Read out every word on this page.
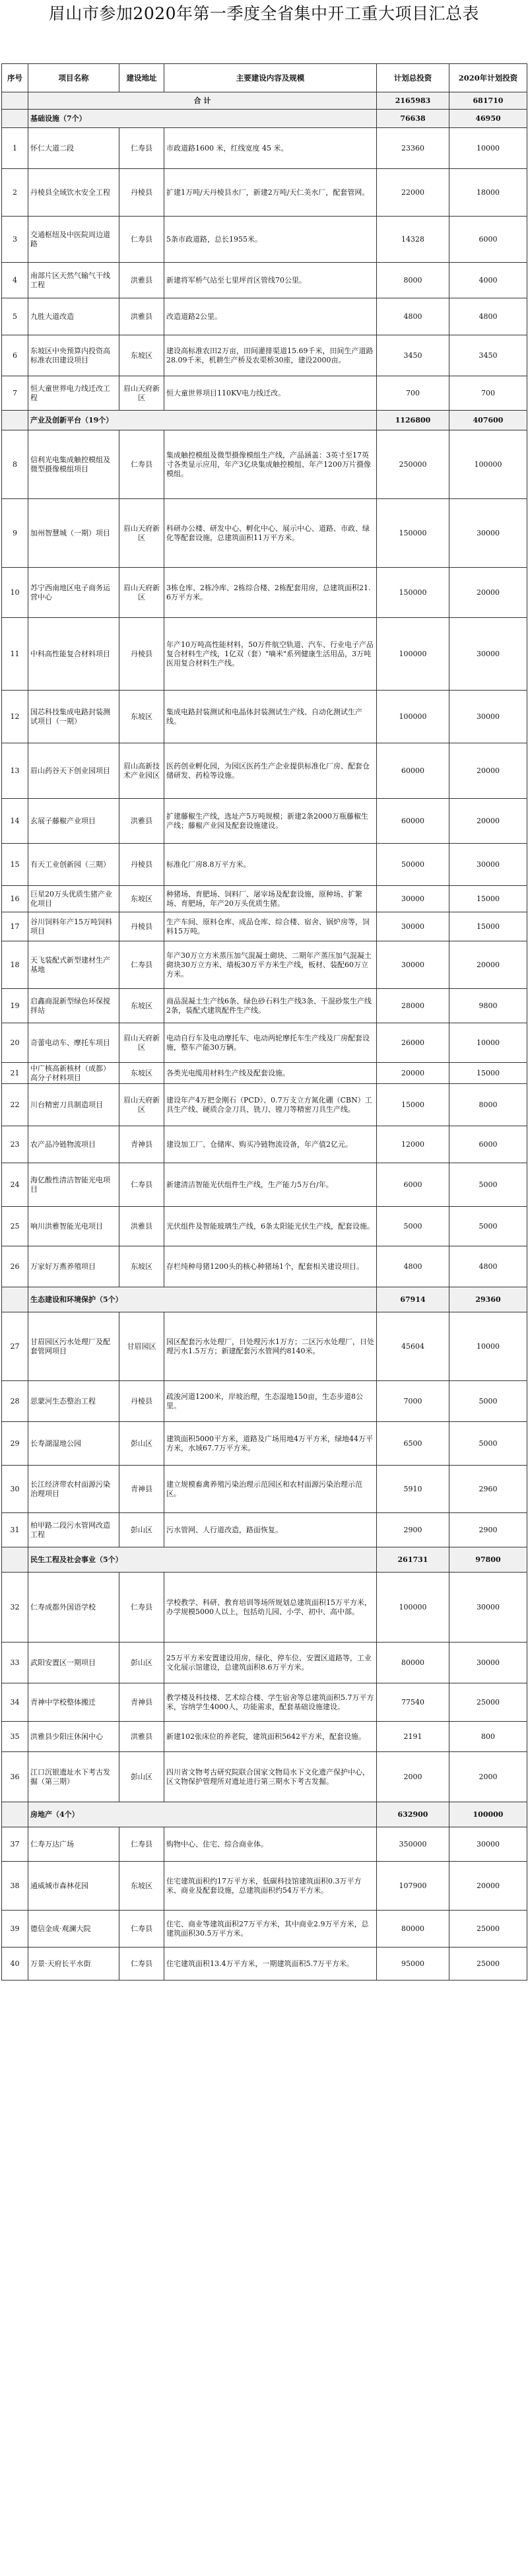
眉山市参加2020年第一季度全省集中开工重大项目汇总表
序号	项目名称	建设地址	主要建设内容及规模	计划总投资	2020年计划投资
	合 计			2165983	681710
	基础设施（7个）			76638	46950
1	怀仁大道二段	仁寿县	市政道路1600 米，红线宽度 45 米。	23360	10000
2	丹棱县全域饮水安全工程	丹棱县	扩建1万吨/天丹棱县水厂，新建2万吨/天仁美水厂，配套管网。	22000	18000
3	交通枢纽及中医院周边道路	仁寿县	5条市政道路，总长1955米。	14328	6000
4	南部片区天然气输气干线工程	洪雅县	新建将军桥气站至七里坪首区管线70公里。	8000	4000
5	九胜大道改造	洪雅县	改造道路2公里。	4800	4800
6	东坡区中央预算内投资高标准农田建设项目	东坡区	建设高标准农田2万亩，田间灌排渠道15.69千米，田间生产道路28.09千米，机耕生产桥及农渠桥30座，建设2000亩。	3450	3450
7	恒大童世界电力线迁改工程	眉山天府新区	恒大童世界项目110KV电力线迁改。	700	700
	产业及创新平台（19个）			1126800	407600
8	信利光电集成触控模组及微型摄像模组项目	仁寿县	集成触控模组及微型摄像模组生产线，产品涵盖：3英寸至17英寸各类显示应用，年产3亿块集成触控模组、年产1200万片摄像模组。	250000	100000
9	加州智慧城（一期）项目	眉山天府新区	科研办公楼、研发中心、孵化中心、展示中心、道路、市政、绿化等配套设施，总建筑面积11万平方米。	150000	30000
10	苏宁西南地区电子商务运营中心	眉山天府新区	3栋仓库、2栋冷库、2栋综合楼、2栋配套用房，总建筑面积21.6万平方米。	150000	20000
11	中科高性能复合材料项目	丹棱县	年产10万吨高性能材料，50万件航空轨道、汽车、行业电子产品复合材料生产线，1亿双（套）"嘀米"系列健康生活用品，3万吨医用复合材料生产线。	100000	30000
12	国芯科技集成电路封装测试项目（一期）	东坡区	集成电路封装测试和电晶体封装测试生产线、自动化测试生产线。	100000	30000
13	眉山药谷天下创业园项目	眉山高新技术产业园区	医药创业孵化园，为园区医药生产企业提供标准化厂房、配套仓储研发、药检等设施。	60000	20000
14	玄展子藤椒产业项目	洪雅县	扩建藤椒生产线，选址产5万吨规模；新建2条2000万瓶藤椒生产线；藤椒产业园及配套设施建设。	60000	20000
15	有天工业创新园（三期）	丹棱县	标准化厂房8.8万平方米。	50000	30000
16	巨星20万头优质生猪产业化项目	东坡区	种猪场、育肥场、饲料厂、屠宰场及配套设施，原种场、扩繁场、育肥场，年产20万头优质生猪。	30000	15000
17	谷川饲料年产15万吨饲料项目	丹棱县	生产车间、原料仓库、成品仓库、综合楼、宿舍、锅炉房等，饲料15万吨。	30000	15000
18	天飞装配式新型建材生产基地	仁寿县	年产30万立方米蒸压加气混凝土砌块、二期年产蒸压加气混凝土砌块30万立方米、墙板30万平方米生产线，板材、装配60万立方米。	30000	20000
19	启鑫商混新型绿色环保搅拌站	东坡区	商品混凝土生产线6条、绿色砂石料生产线3条、干混砂浆生产线2条，装配式建筑配件生产线。	28000	9800
20	奇蕾电动车、摩托车项目	眉山天府新区	电动自行车及电动摩托车、电动两轮摩托车生产线及厂房配套设施，整车产能30万辆。	26000	10000
21	中广核高新核材（成都）高分子材料项目	东坡区	各类光电缆用材料生产线及配套设施。	20000	15000
22	川台精密刀具制造项目	眉山天府新区	建设年产4万把金刚石（PCD）、0.7万支立方氮化硼（CBN）工具生产线、硬质合金刀具、铣刀、镗刀等精密刀具生产线。	15000	8000
23	农产品冷链物流项目	青神县	建设加工厂、仓储库、购买冷链物流设备，年产值2亿元。	12000	6000
24	海亿酸性清洁智能光电项目	仁寿县	新建清洁智能光伏组件生产线，生产能力5万台/年。	6000	5000
25	响川洪雅智能光电项目	洪雅县	光伏组件及智能玻璃生产线，6条太阳能光伏生产线，配套设施。	5000	5000
26	万家好万燕养殖项目	东坡区	存栏纯种母猪1200头的核心种猪场1个，配套相关建设项目。	4800	4800
	生态建设和环境保护（5个）			67914	29360
27	甘眉园区污水处理厂及配套管网项目	甘眉园区	园区配套污水处理厂，日处理污水1万方；二区污水处理厂，日处理污水1.5万方；新建配套污水管网约8140米。	45604	10000
28	思蒙河生态整治工程	丹棱县	疏浚河道1200米，岸坡治理，生态湿地150亩，生态步道8公里。	7000	5000
29	长寿湖湿地公园	彭山区	建筑面积5000平方米，道路及广场用地4万平方米，绿地44万平方米，水域67.7万平方米。	6500	5000
30	长江经济带农村面源污染治理项目	青神县	建立规模畜禽养殖污染治理示范园区和农村面源污染治理示范区。	5910	2960
31	柏甲路二段污水管网改造工程	彭山区	污水管网、人行道改造，路面恢复。	2900	2900
	民生工程及社会事业（5个）			261731	97800
32	仁寿成都外国语学校	仁寿县	学校教学、科研、教育培训等场所规划总建筑面积15万平方米，办学规模5000人以上，包括幼儿园、小学、初中、高中部。	100000	30000
33	武阳安置区一期项目	彭山区	25万平方米安置建设用房，绿化、停车位、安置区道路等，工业文化展示馆建设，总建筑面积8.6万平方米。	80000	30000
34	青神中学校整体搬迁	青神县	教学楼及科技楼、艺术综合楼、学生宿舍等总建筑面积5.7万平方米，容纳学生4000人，功能需求，配套基础设施建设。	77540	25000
35	洪雅县少阳庄休闲中心	洪雅县	新建102张床位的养老院，建筑面积5642平方米，配套设施。	2191	800
36	江口沉银遗址水下考古发掘（第三期）	彭山区	四川省文物考古研究院联合国家文物局水下文化遗产保护中心，区文物保护管理所对遗址进行第三期水下考古发掘。	2000	2000
	房地产（4个）			632900	100000
37	仁寿万达广场	仁寿县	购物中心、住宅、综合商业体。	350000	30000
38	通威城市森林花园	东坡区	住宅建筑面积约17万平方米，低碳科技馆建筑面积0.3万平方米、商业及配套设施，总建筑面积约54万平方米。	107900	20000
39	德信金成·观澜大院	仁寿县	住宅、商业等建筑面积27万平方米，其中商业2.9万平方米，总建筑面积30.5万平方米。	80000	25000
40	万景·天府长平水街	仁寿县	住宅建筑面积13.4万平方米，一期建筑面积5.7万平方米。	95000	25000
